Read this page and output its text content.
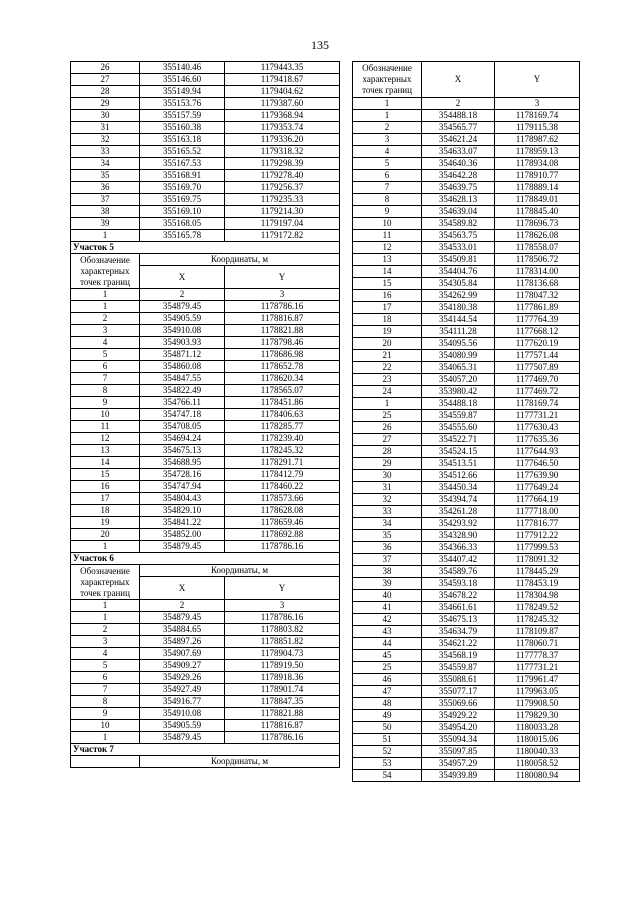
135
26	355140.46	1179443.35
27	355146.60	1179418.67
28	355149.94	1179404.62
29	355153.76	1179387.60
30	355157.59	1179368.94
31	355160.38	1179353.74
32	355163.18	1179336.20
33	355165.52	1179318.32
34	355167.53	1179298.39
35	355168.91	1179278.40
36	355169.70	1179256.37
37	355169.75	1179235.33
38	355169.10	1179214.30
39	355168.05	1179197.04
1	355165.78	1179172.82
Участок 5		
Обозначение
характерных
точек границ	Координаты, м	
	X	Y
1	2	3
1	354879.45	1178786.16
2	354905.59	1178816.87
3	354910.08	1178821.88
4	354903.93	1178798.46
5	354871.12	1178686.98
6	354860.08	1178652.78
7	354847.55	1178620.34
8	354822.49	1178565.07
9	354766.11	1178451.86
10	354747.18	1178406.63
11	354708.05	1178285.77
12	354694.24	1178239.40
13	354675.13	1178245.32
14	354688.95	1178291.71
15	354728.16	1178412.79
16	354747.94	1178460.22
17	354804.43	1178573.66
18	354829.10	1178628.08
19	354841.22	1178659.46
20	354852.00	1178692.88
1	354879.45	1178786.16
Участок 6		
Обозначение
характерных
точек границ	Координаты, м	
	X	Y
1	2	3
1	354879.45	1178786.16
2	354884.65	1178803.82
3	354897.26	1178851.82
4	354907.69	1178904.73
5	354909.27	1178919.50
6	354929.26	1178918.36
7	354927.49	1178901.74
8	354916.77	1178847.35
9	354910.08	1178821.88
10	354905.59	1178816.87
1	354879.45	1178786.16
Участок 7		
	Координаты, м	
Обозначение
характерных
точек границ	X	Y
1	2	3
1	354488.18	1178169.74
2	354565.77	1179115.38
3	354621.24	1178987.62
4	354633.07	1178959.13
5	354640.36	1178934.08
6	354642.28	1178910.77
7	354639.75	1178889.14
8	354628.13	1178849.01
9	354639.04	1178845.40
10	354589.82	1178696.73
11	354563.75	1178626.08
12	354533.01	1178558.07
13	354509.81	1178506.72
14	354404.76	1178314.00
15	354305.84	1178136.68
16	354262.99	1178047.32
17	354180.38	1177861.89
18	354144.54	1177764.39
19	354111.28	1177668.12
20	354095.56	1177620.19
21	354080.99	1177571.44
22	354065.31	1177507.89
23	354057.20	1177469.70
24	353980.42	1177469.72
1	354488.18	1178169.74
25	354559.87	1177731.21
26	354555.60	1177630.43
27	354522.71	1177635.36
28	354524.15	1177644.93
29	354513.51	1177646.50
30	354512.66	1177639.90
31	354450.34	1177649.24
32	354394.74	1177664.19
33	354261.28	1177718.00
34	354293.92	1177816.77
35	354328.90	1177912.22
36	354366.33	1177999.53
37	354407.42	1178091.32
38	354589.76	1178445.29
39	354593.18	1178453.19
40	354678.22	1178304.98
41	354661.61	1178249.52
42	354675.13	1178245.32
43	354634.79	1178109.87
44	354621.22	1178060.71
45	354568.19	1177778.37
25	354559.87	1177731.21
46	355088.61	1179961.47
47	355077.17	1179963.05
48	355069.66	1179908.50
49	354929.22	1179829.30
50	354954.20	1180033.28
51	355094.34	1180015.06
52	355097.85	1180040.33
53	354957.29	1180058.52
54	354939.89	1180080.94
